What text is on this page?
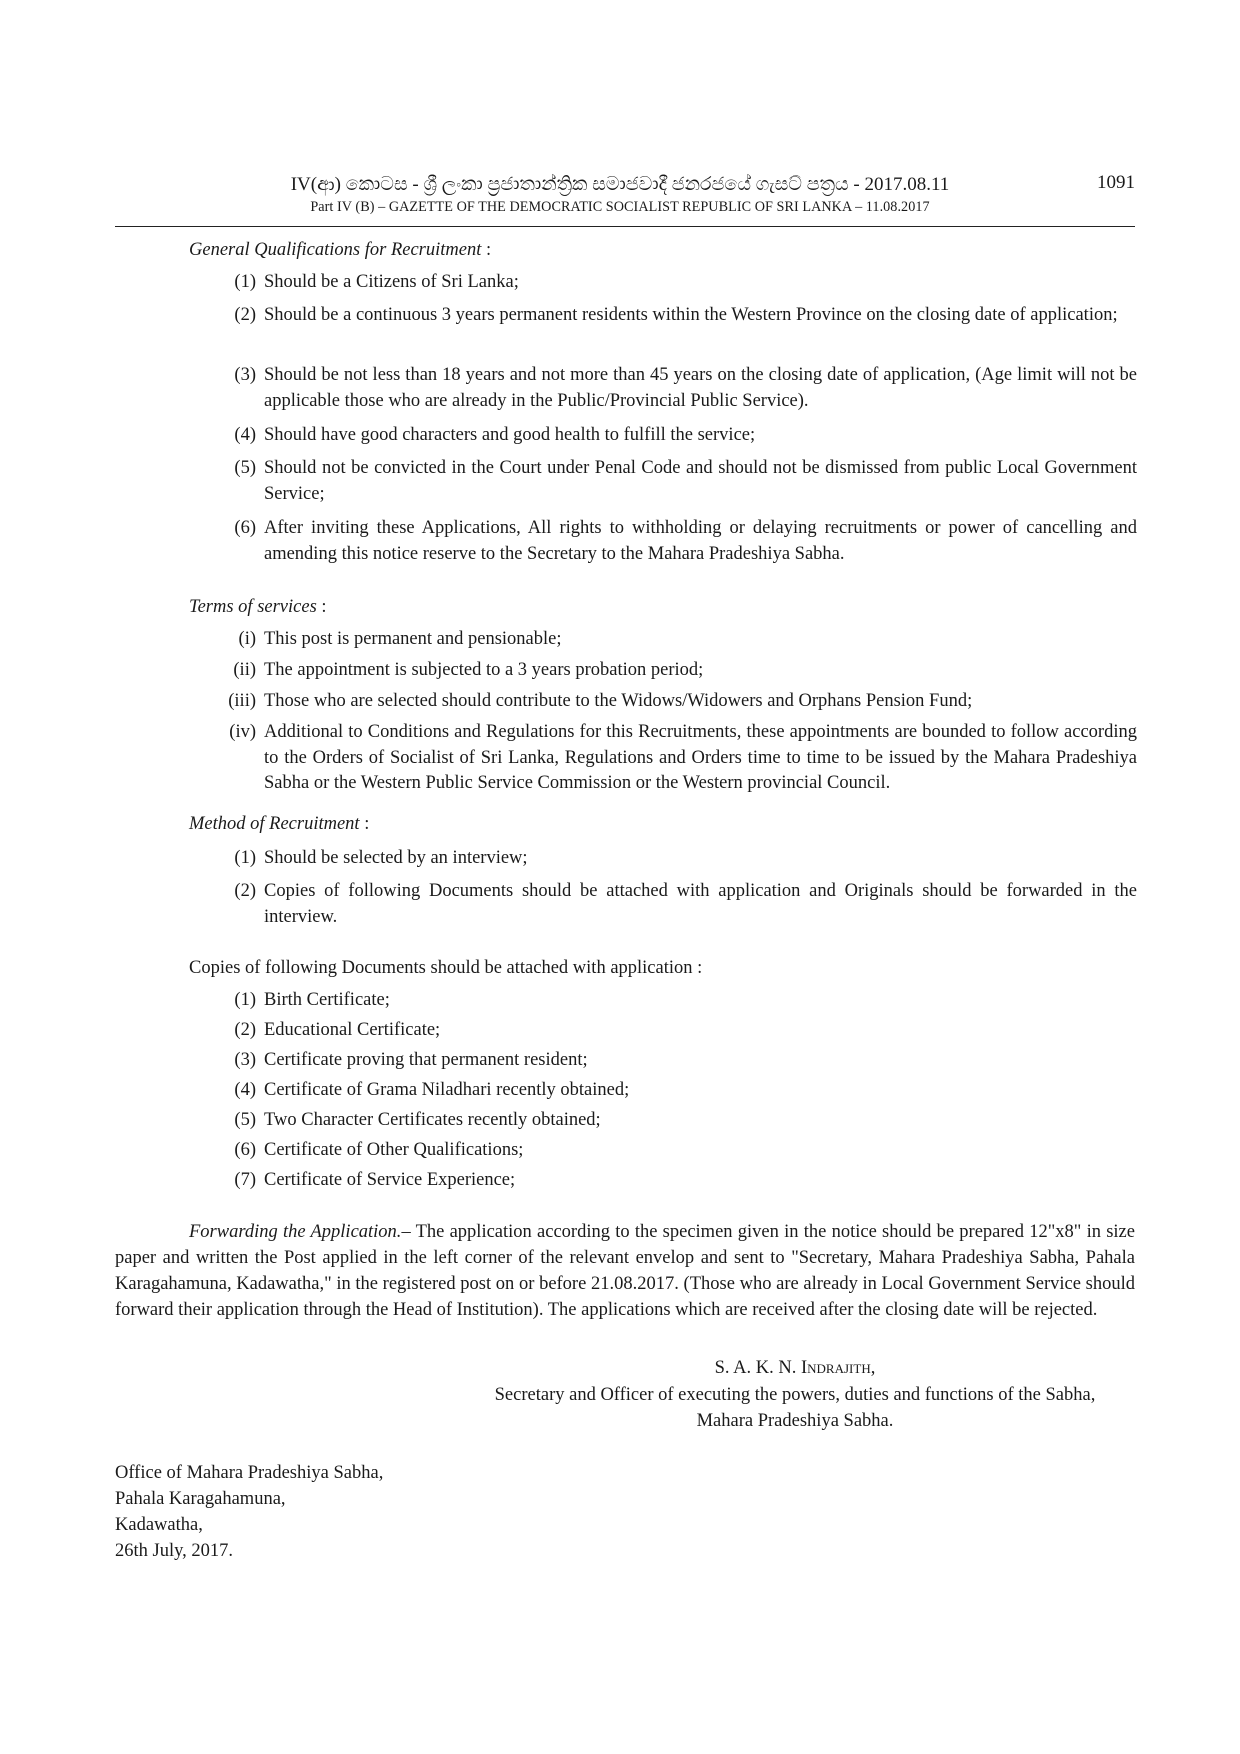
IV(ආ) කොටස - ශ්‍රී ලංකා ප්‍රජාතාන්ත්‍රික සමාජවාදී ජනරජයේ ගැසට් පත්‍රය - 2017.08.11
Part IV (B) – GAZETTE OF THE DEMOCRATIC SOCIALIST REPUBLIC OF SRI LANKA – 11.08.2017
1091
General Qualifications for Recruitment :
(1) Should be a Citizens of Sri Lanka;
(2) Should be a continuous 3 years permanent residents within the Western Province on the closing date of application;
(3) Should be not less than 18 years and not more than 45 years on the closing date of application, (Age limit will not be applicable those who are already in the Public/Provincial Public Service).
(4) Should have good characters and good health to fulfill the service;
(5) Should not be convicted in the Court under Penal Code and should not be dismissed from public Local Government Service;
(6) After inviting these Applications, All rights to withholding or delaying recruitments or power of cancelling and amending this notice reserve to the Secretary to the Mahara Pradeshiya Sabha.
Terms of services :
(i) This post is permanent and pensionable;
(ii) The appointment is subjected to a 3 years probation period;
(iii) Those who are selected should contribute to the Widows/Widowers and Orphans Pension Fund;
(iv) Additional to Conditions and Regulations for this Recruitments, these appointments are bounded to follow according to the Orders of Socialist of Sri Lanka, Regulations and Orders time to time to be issued by the Mahara Pradeshiya Sabha or the Western Public Service Commission or the Western provincial Council.
Method of Recruitment :
(1) Should be selected by an interview;
(2) Copies of following Documents should be attached with application and Originals should be forwarded in the interview.
Copies of following Documents should be attached with application :
(1) Birth Certificate;
(2) Educational Certificate;
(3) Certificate proving that permanent resident;
(4) Certificate of Grama Niladhari recently obtained;
(5) Two Character Certificates recently obtained;
(6) Certificate of Other Qualifications;
(7) Certificate of Service Experience;
Forwarding the Application.– The application according to the specimen given in the notice should be prepared 12"x8" in size paper and written the Post applied in the left corner of the relevant envelop and sent to "Secretary, Mahara Pradeshiya Sabha, Pahala Karagahamuna, Kadawatha," in the registered post on or before 21.08.2017. (Those who are already in Local Government Service should forward their application through the Head of Institution). The applications which are received after the closing date will be rejected.
S. A. K. N. Indrajith,
Secretary and Officer of executing the powers, duties and functions of the Sabha,
Mahara Pradeshiya Sabha.
Office of Mahara Pradeshiya Sabha,
Pahala Karagahamuna,
Kadawatha,
26th July, 2017.
